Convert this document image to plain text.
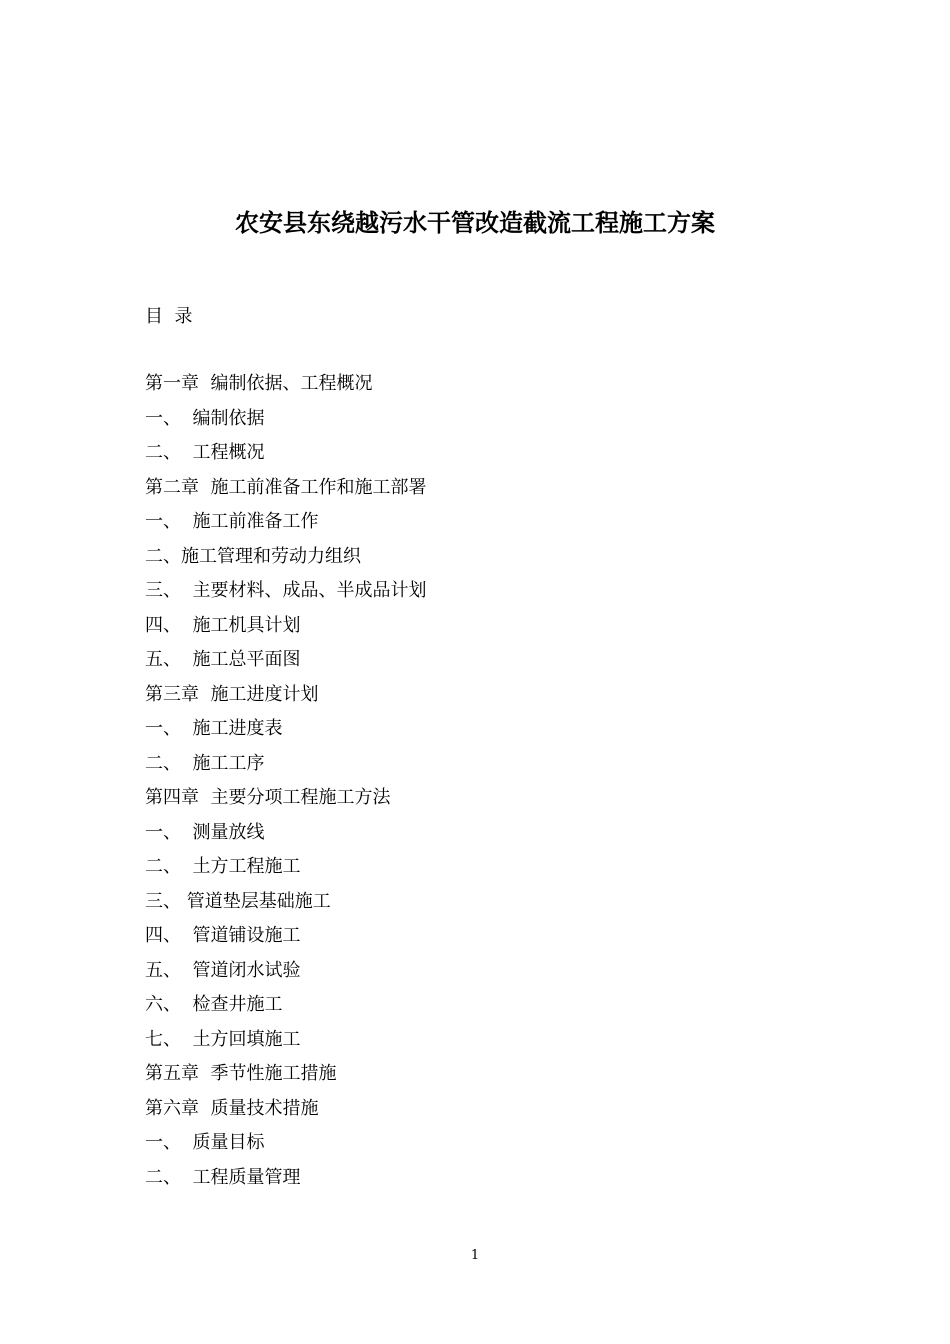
农安县东绕越污水干管改造截流工程施工方案
目  录
第一章  编制依据、工程概况
一、  编制依据
二、  工程概况
第二章  施工前准备工作和施工部署
一、  施工前准备工作
二、施工管理和劳动力组织
三、  主要材料、成品、半成品计划
四、  施工机具计划
五、  施工总平面图
第三章  施工进度计划
一、  施工进度表
二、  施工工序
第四章  主要分项工程施工方法
一、  测量放线
二、  土方工程施工
三、 管道垫层基础施工
四、  管道铺设施工
五、  管道闭水试验
六、  检查井施工
七、  土方回填施工
第五章  季节性施工措施
第六章  质量技术措施
一、  质量目标
二、  工程质量管理
1
